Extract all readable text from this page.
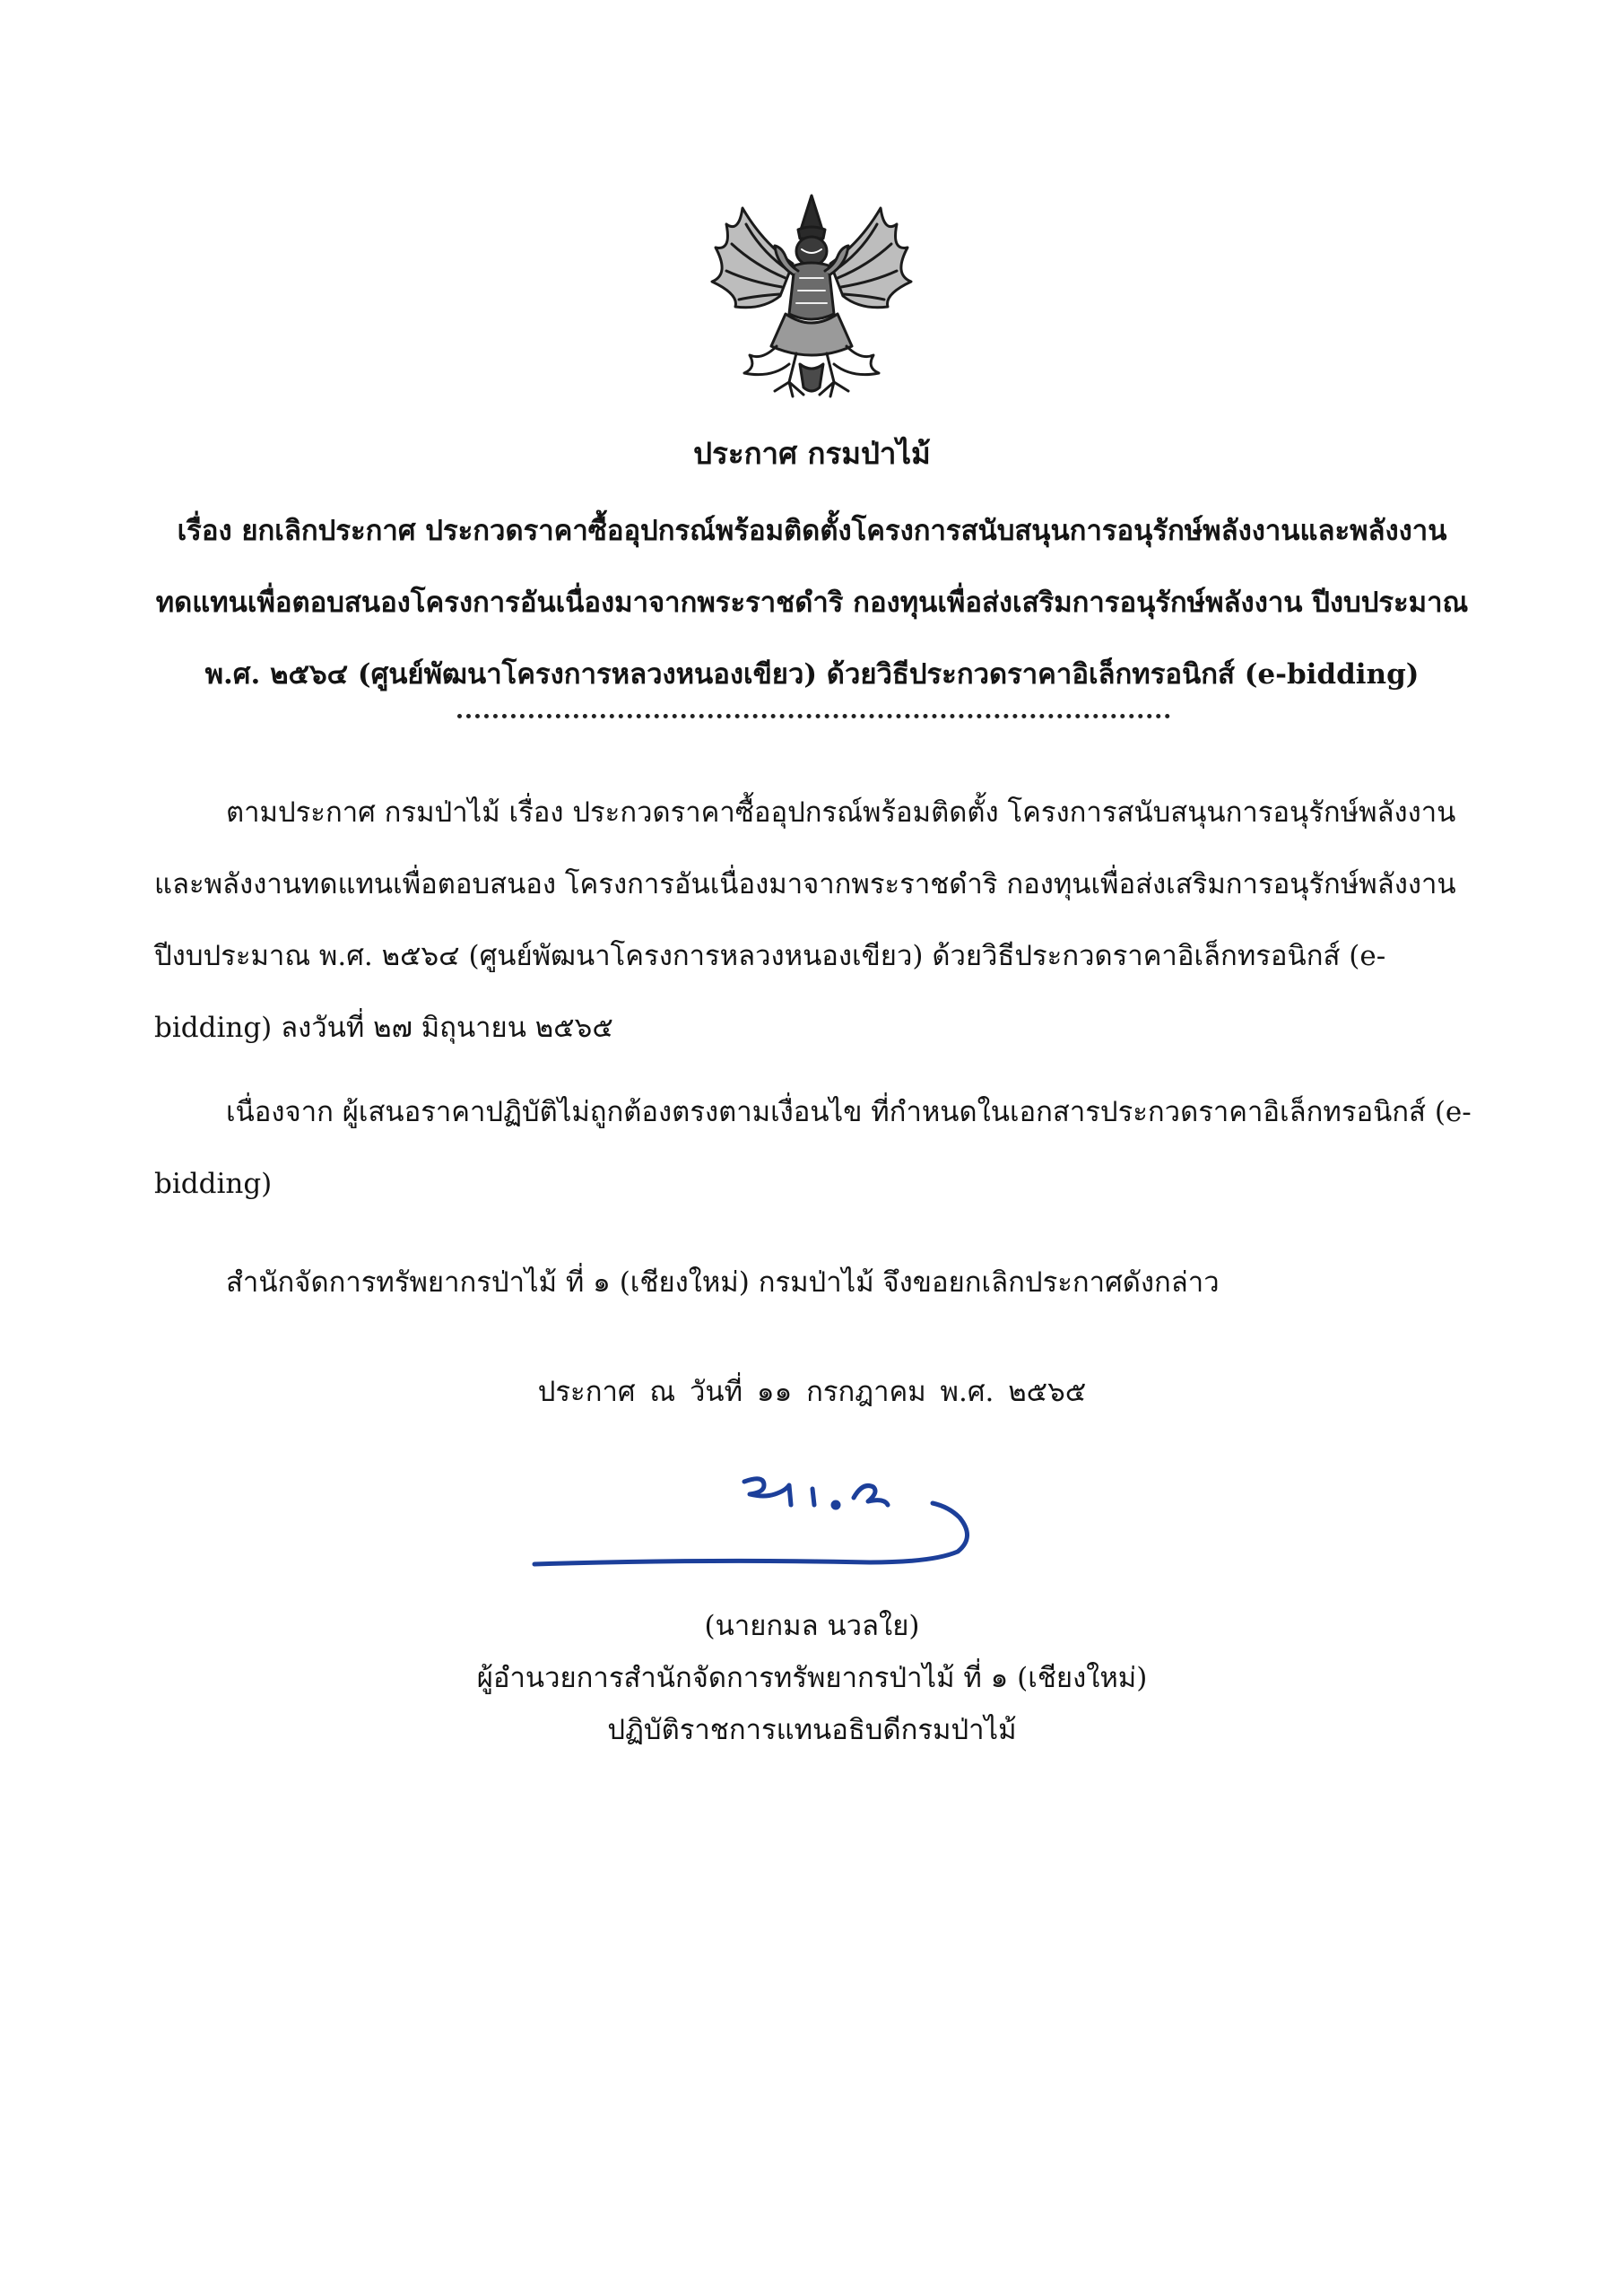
ประกาศ กรมป่าไม้
เรื่อง ยกเลิกประกาศ ประกวดราคาซื้ออุปกรณ์พร้อมติดตั้งโครงการสนับสนุนการอนุรักษ์พลังงานและพลังงาน
ทดแทนเพื่อตอบสนองโครงการอันเนื่องมาจากพระราชดำริ กองทุนเพื่อส่งเสริมการอนุรักษ์พลังงาน ปีงบประมาณ
พ.ศ. ๒๕๖๔ (ศูนย์พัฒนาโครงการหลวงหนองเขียว) ด้วยวิธีประกวดราคาอิเล็กทรอนิกส์ (e-bidding)
ตามประกาศ กรมป่าไม้ เรื่อง ประกวดราคาซื้ออุปกรณ์พร้อมติดตั้ง โครงการสนับสนุนการอนุรักษ์พลังงาน และพลังงานทดแทนเพื่อตอบสนอง โครงการอันเนื่องมาจากพระราชดำริ กองทุนเพื่อส่งเสริมการอนุรักษ์พลังงาน ปีงบประมาณ พ.ศ. ๒๕๖๔ (ศูนย์พัฒนาโครงการหลวงหนองเขียว) ด้วยวิธีประกวดราคาอิเล็กทรอนิกส์ (e-bidding) ลงวันที่ ๒๗ มิถุนายน ๒๕๖๕
เนื่องจาก ผู้เสนอราคาปฏิบัติไม่ถูกต้องตรงตามเงื่อนไข ที่กำหนดในเอกสารประกวดราคาอิเล็กทรอนิกส์ (e-bidding)
สำนักจัดการทรัพยากรป่าไม้ ที่ ๑ (เชียงใหม่) กรมป่าไม้ จึงขอยกเลิกประกาศดังกล่าว
ประกาศ ณ วันที่ ๑๑ กรกฎาคม พ.ศ. ๒๕๖๕
(นายกมล นวลใย)
ผู้อำนวยการสำนักจัดการทรัพยากรป่าไม้ ที่ ๑ (เชียงใหม่)
ปฏิบัติราชการแทนอธิบดีกรมป่าไม้
